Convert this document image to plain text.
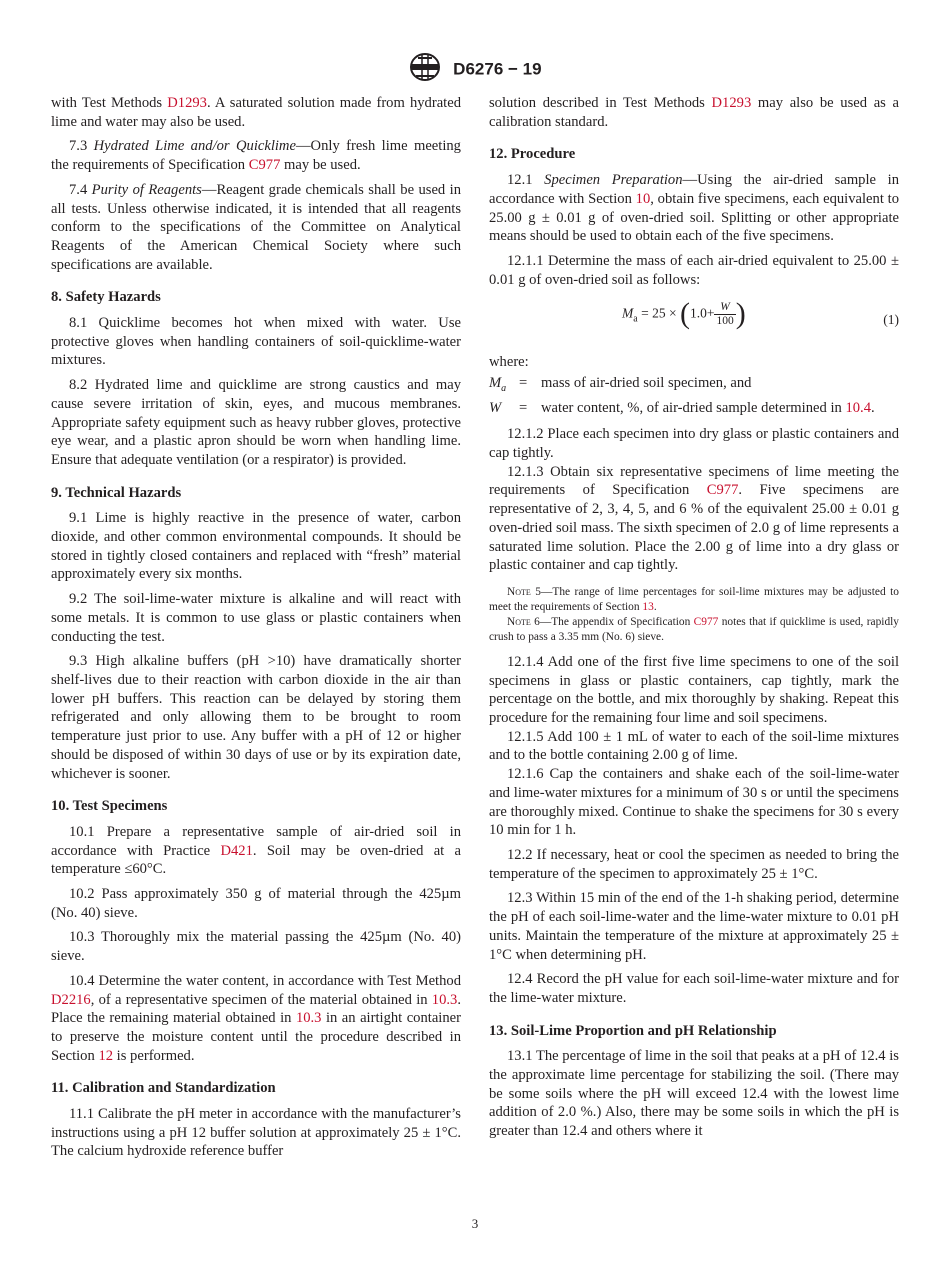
D6276 − 19

with Test Methods D1293. A saturated solution made from hydrated lime and water may also be used.

7.3 Hydrated Lime and/or Quicklime—Only fresh lime meeting the requirements of Specification C977 may be used.

7.4 Purity of Reagents—Reagent grade chemicals shall be used in all tests. Unless otherwise indicated, it is intended that all reagents conform to the specifications of the Committee on Analytical Reagents of the American Chemical Society where such specifications are available.

8. Safety Hazards

8.1 Quicklime becomes hot when mixed with water. Use protective gloves when handling containers of soil-quicklime-water mixtures.

8.2 Hydrated lime and quicklime are strong caustics and may cause severe irritation of skin, eyes, and mucous membranes. Appropriate safety equipment such as heavy rubber gloves, protective eye wear, and a plastic apron should be worn when handling lime. Ensure that adequate ventilation (or a respirator) is provided.

9. Technical Hazards

9.1 Lime is highly reactive in the presence of water, carbon dioxide, and other common environmental compounds. It should be stored in tightly closed containers and replaced with “fresh” material approximately every six months.

9.2 The soil-lime-water mixture is alkaline and will react with some metals. It is common to use glass or plastic containers when conducting the test.

9.3 High alkaline buffers (pH >10) have dramatically shorter shelf-lives due to their reaction with carbon dioxide in the air than lower pH buffers. This reaction can be delayed by storing them refrigerated and only allowing them to be brought to room temperature just prior to use. Any buffer with a pH of 12 or higher should be disposed of within 30 days of use or by its expiration date, whichever is sooner.

10. Test Specimens

10.1 Prepare a representative sample of air-dried soil in accordance with Practice D421. Soil may be oven-dried at a temperature ≤60°C.

10.2 Pass approximately 350 g of material through the 425µm (No. 40) sieve.

10.3 Thoroughly mix the material passing the 425µm (No. 40) sieve.

10.4 Determine the water content, in accordance with Test Method D2216, of a representative specimen of the material obtained in 10.3. Place the remaining material obtained in 10.3 in an airtight container to preserve the moisture content until the procedure described in Section 12 is performed.

11. Calibration and Standardization

11.1 Calibrate the pH meter in accordance with the manufacturer’s instructions using a pH 12 buffer solution at approximately 25 ± 1°C. The calcium hydroxide reference buffer

solution described in Test Methods D1293 may also be used as a calibration standard.

12. Procedure

12.1 Specimen Preparation—Using the air-dried sample in accordance with Section 10, obtain five specimens, each equivalent to 25.00 g ± 0.01 g of oven-dried soil. Splitting or other appropriate means should be used to obtain each of the five specimens.

12.1.1 Determine the mass of each air-dried equivalent to 25.00 ± 0.01 g of oven-dried soil as follows:

$M_a = 25 \times (1.0+ \frac{W}{100}$ )	(1)

where:

$M_a$ = mass of air-dried soil specimen, and
W	= water content, %, of air-dried sample determined in 10.4.

12.1.2 Place each specimen into dry glass or plastic containers and cap tightly.

12.1.3 Obtain six representative specimens of lime meeting the requirements of Specification C977. Five specimens are representative of 2, 3, 4, 5, and 6 % of the equivalent 25.00 ± 0.01 g oven-dried soil mass. The sixth specimen of 2.0 g of lime represents a saturated lime solution. Place the 2.00 g of lime into a dry glass or plastic container and cap tightly.

Note 5—The range of lime percentages for soil-lime mixtures may be adjusted to meet the requirements of Section 13.

Note 6—The appendix of Specification C977 notes that if quicklime is used, rapidly crush to pass a 3.35 mm (No. 6) sieve.

12.1.4 Add one of the first five lime specimens to one of the soil specimens in glass or plastic containers, cap tightly, mark the percentage on the bottle, and mix thoroughly by shaking. Repeat this procedure for the remaining four lime and soil specimens.

12.1.5 Add 100 ± 1 mL of water to each of the soil-lime mixtures and to the bottle containing 2.00 g of lime.

12.1.6 Cap the containers and shake each of the soil-lime-water and lime-water mixtures for a minimum of 30 s or until the specimens are thoroughly mixed. Continue to shake the specimens for 30 s every 10 min for 1 h.

12.2 If necessary, heat or cool the specimen as needed to bring the temperature of the specimen to approximately 25 ± 1°C.

12.3 Within 15 min of the end of the 1-h shaking period, determine the pH of each soil-lime-water and the lime-water mixture to 0.01 pH units. Maintain the temperature of the mixture at approximately 25 ± 1°C when determining pH.

12.4 Record the pH value for each soil-lime-water mixture and for the lime-water mixture.

13. Soil-Lime Proportion and pH Relationship

13.1 The percentage of lime in the soil that peaks at a pH of 12.4 is the approximate lime percentage for stabilizing the soil. (There may be some soils where the pH will exceed 12.4 with the lowest lime addition of 2.0 %.) Also, there may be some soils in which the pH is greater than 12.4 and others where it

3
